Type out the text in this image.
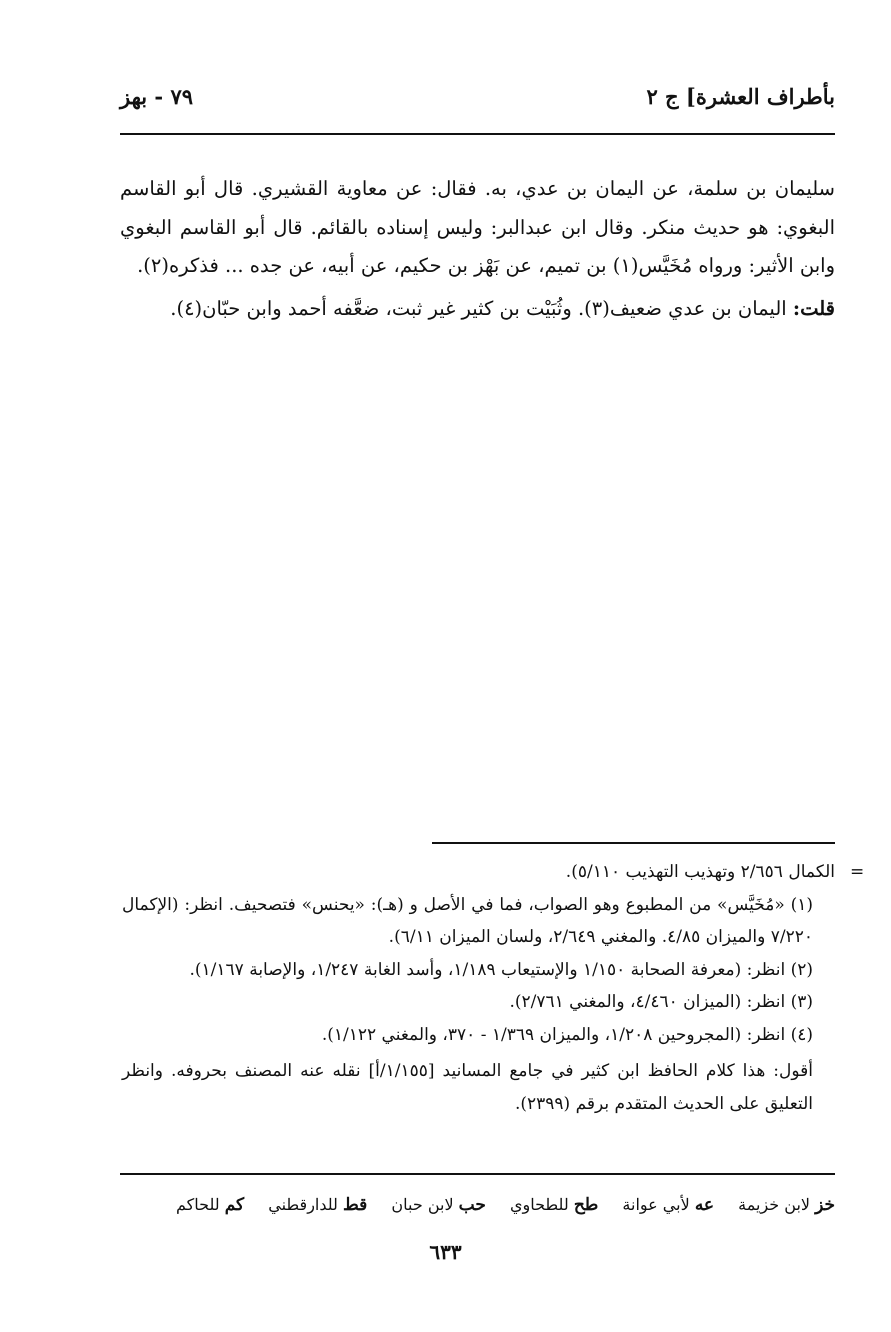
بأطراف العشرة] ج ٢
٧٩ - بهز

سليمان بن سلمة، عن اليمان بن عدي، به. فقال: عن معاوية القشيري. قال أبو القاسم البغوي: هو حديث منكر. وقال ابن عبدالبر: وليس إسناده بالقائم. قال أبو القاسم البغوي وابن الأثير: ورواه مُخَيَّس(١) بن تميم، عن بَهْز بن حكيم، عن أبيه، عن جده ... فذكره(٢).

قلت: اليمان بن عدي ضعيف(٣). وثُبَيْت بن كثير غير ثبت، ضعَّفه أحمد وابن حبّان(٤).

=

الكمال ٢/٦٥٦ وتهذيب التهذيب ٥/١١٠).

(١) «مُخَيَّس» من المطبوع وهو الصواب، فما في الأصل و (هـ): «يحنس» فتصحيف. انظر: (الإكمال ٧/٢٢٠ والميزان ٤/٨٥. والمغني ٢/٦٤٩، ولسان الميزان ٦/١١).

(٢) انظر: (معرفة الصحابة ١/١٥٠ والإستيعاب ١/١٨٩، وأسد الغابة ١/٢٤٧، والإصابة ١/١٦٧).

(٣) انظر: (الميزان ٤/٤٦٠، والمغني ٢/٧٦١).

(٤) انظر: (المجروحين ١/٢٠٨، والميزان ١/٣٦٩ - ٣٧٠، والمغني ١/١٢٢).

أقول: هذا كلام الحافظ ابن كثير في جامع المسانيد [١/١٥٥/أ] نقله عنه المصنف بحروفه. وانظر التعليق على الحديث المتقدم برقم (٢٣٩٩).

خز لابن خزيمة عه لأبي عوانة طح للطحاوي حب لابن حبان قط للدارقطني كم للحاكم
٦٣٣
